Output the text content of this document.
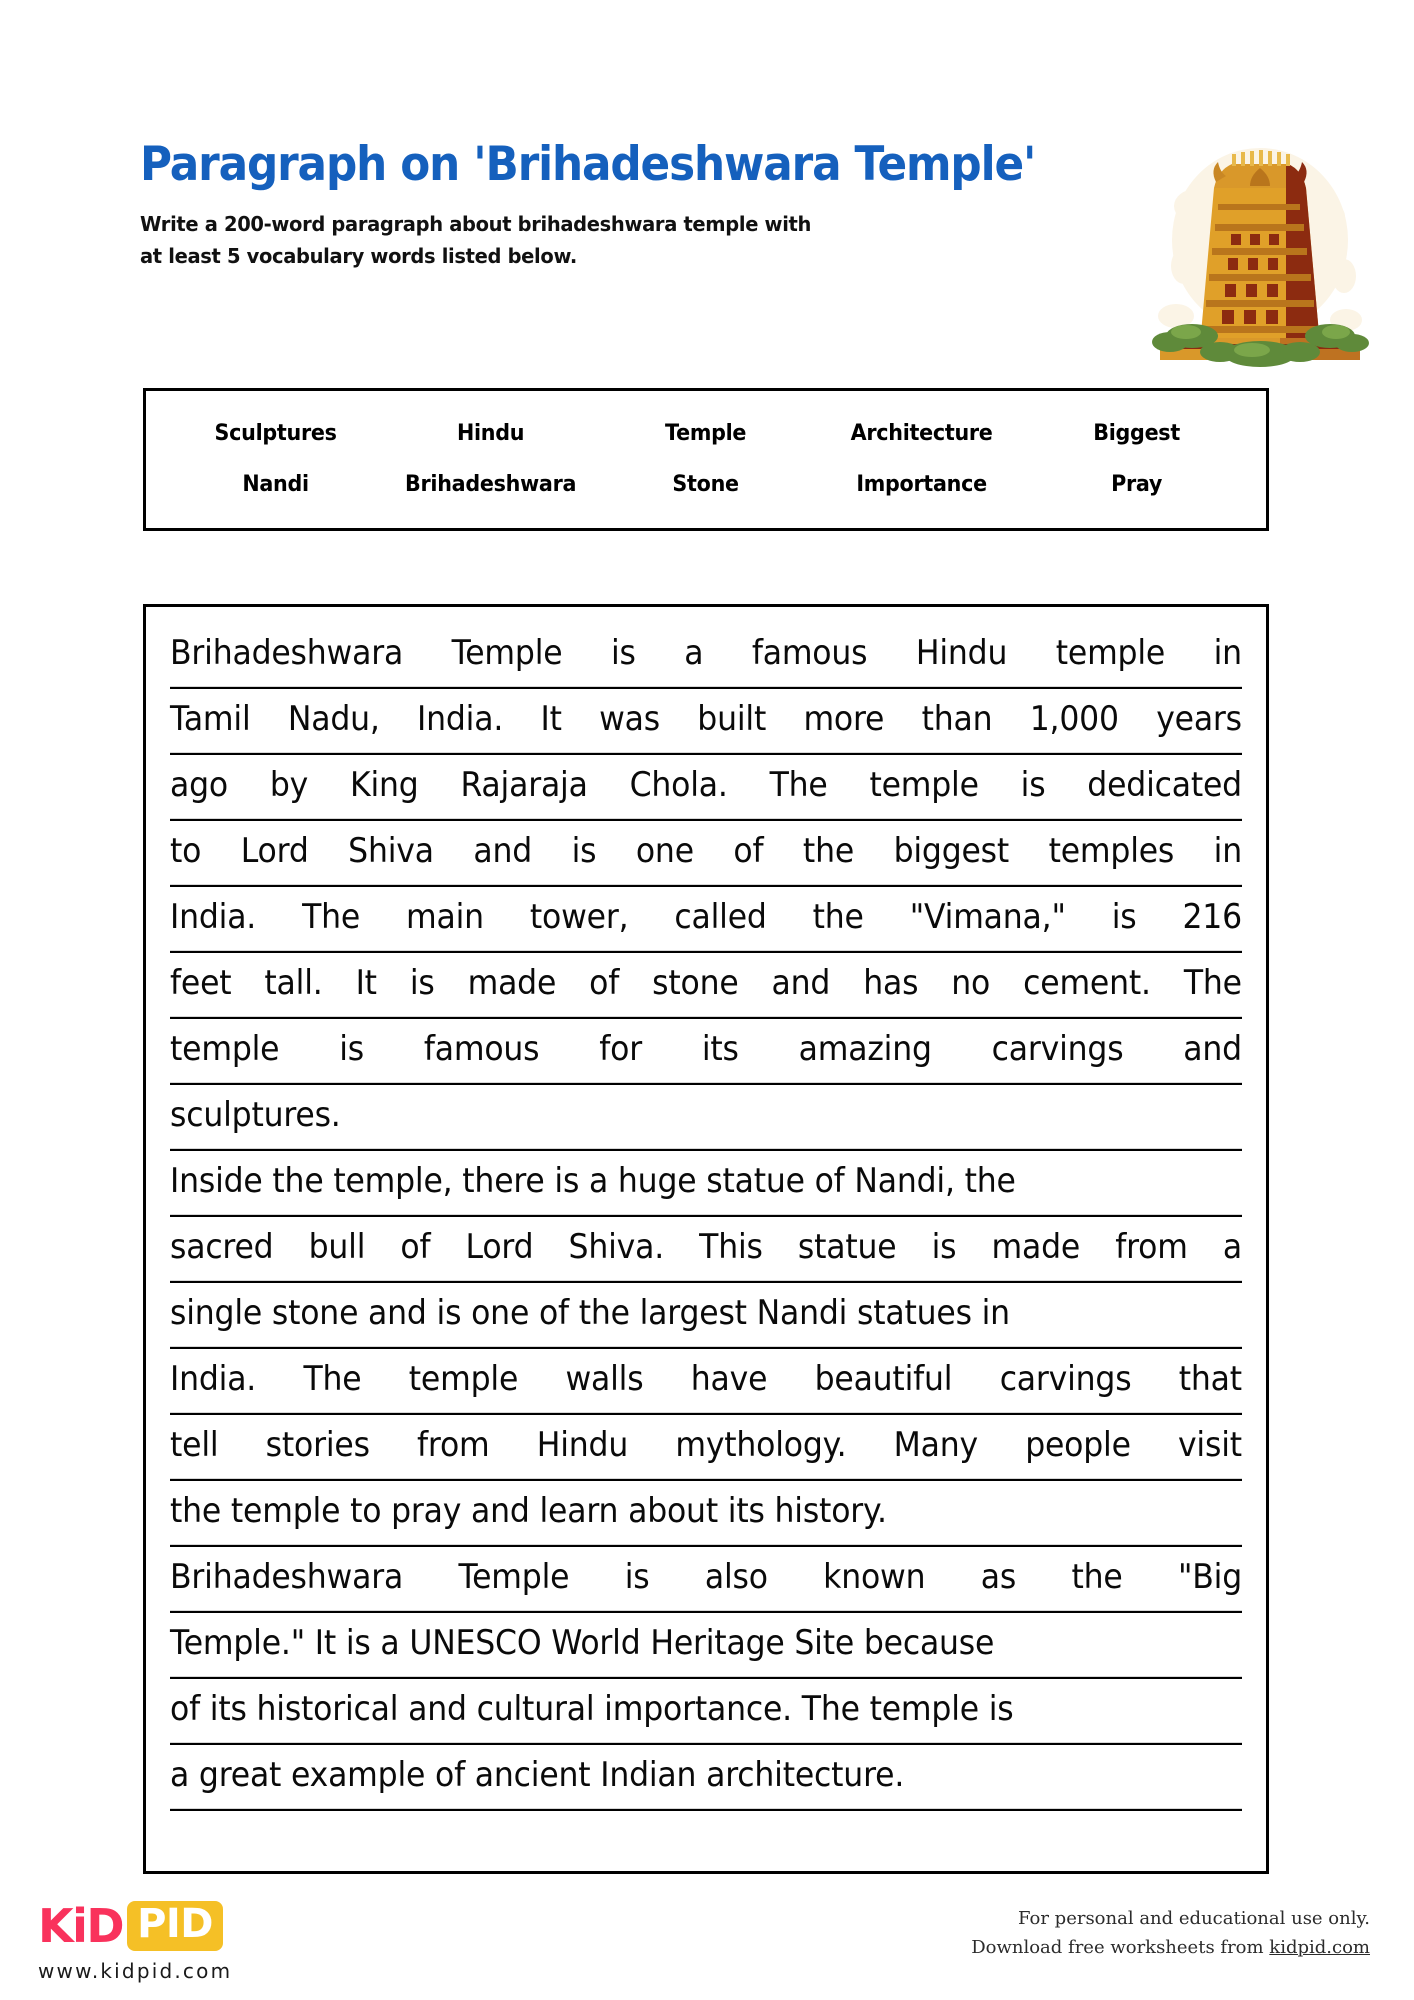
Paragraph on 'Brihadeshwara Temple'
Write a 200-word paragraph about brihadeshwara temple with
at least 5 vocabulary words listed below.
Sculptures	Hindu	Temple	Architecture	Biggest
Nandi	Brihadeshwara	Stone	Importance	Pray
Brihadeshwara Temple is a famous Hindu temple in
Tamil Nadu, India. It was built more than 1,000 years
ago by King Rajaraja Chola. The temple is dedicated
to Lord Shiva and is one of the biggest temples in
India. The main tower, called the "Vimana," is 216
feet tall. It is made of stone and has no cement. The
temple is famous for its amazing carvings and
sculptures.
Inside the temple, there is a huge statue of Nandi, the
sacred bull of Lord Shiva. This statue is made from a
single stone and is one of the largest Nandi statues in
India. The temple walls have beautiful carvings that
tell stories from Hindu mythology. Many people visit
the temple to pray and learn about its history.
Brihadeshwara Temple is also known as the "Big
Temple." It is a UNESCO World Heritage Site because
of its historical and cultural importance. The temple is
a great example of ancient Indian architecture.
KiD PID
www.kidpid.com
For personal and educational use only.
Download free worksheets from kidpid.com
